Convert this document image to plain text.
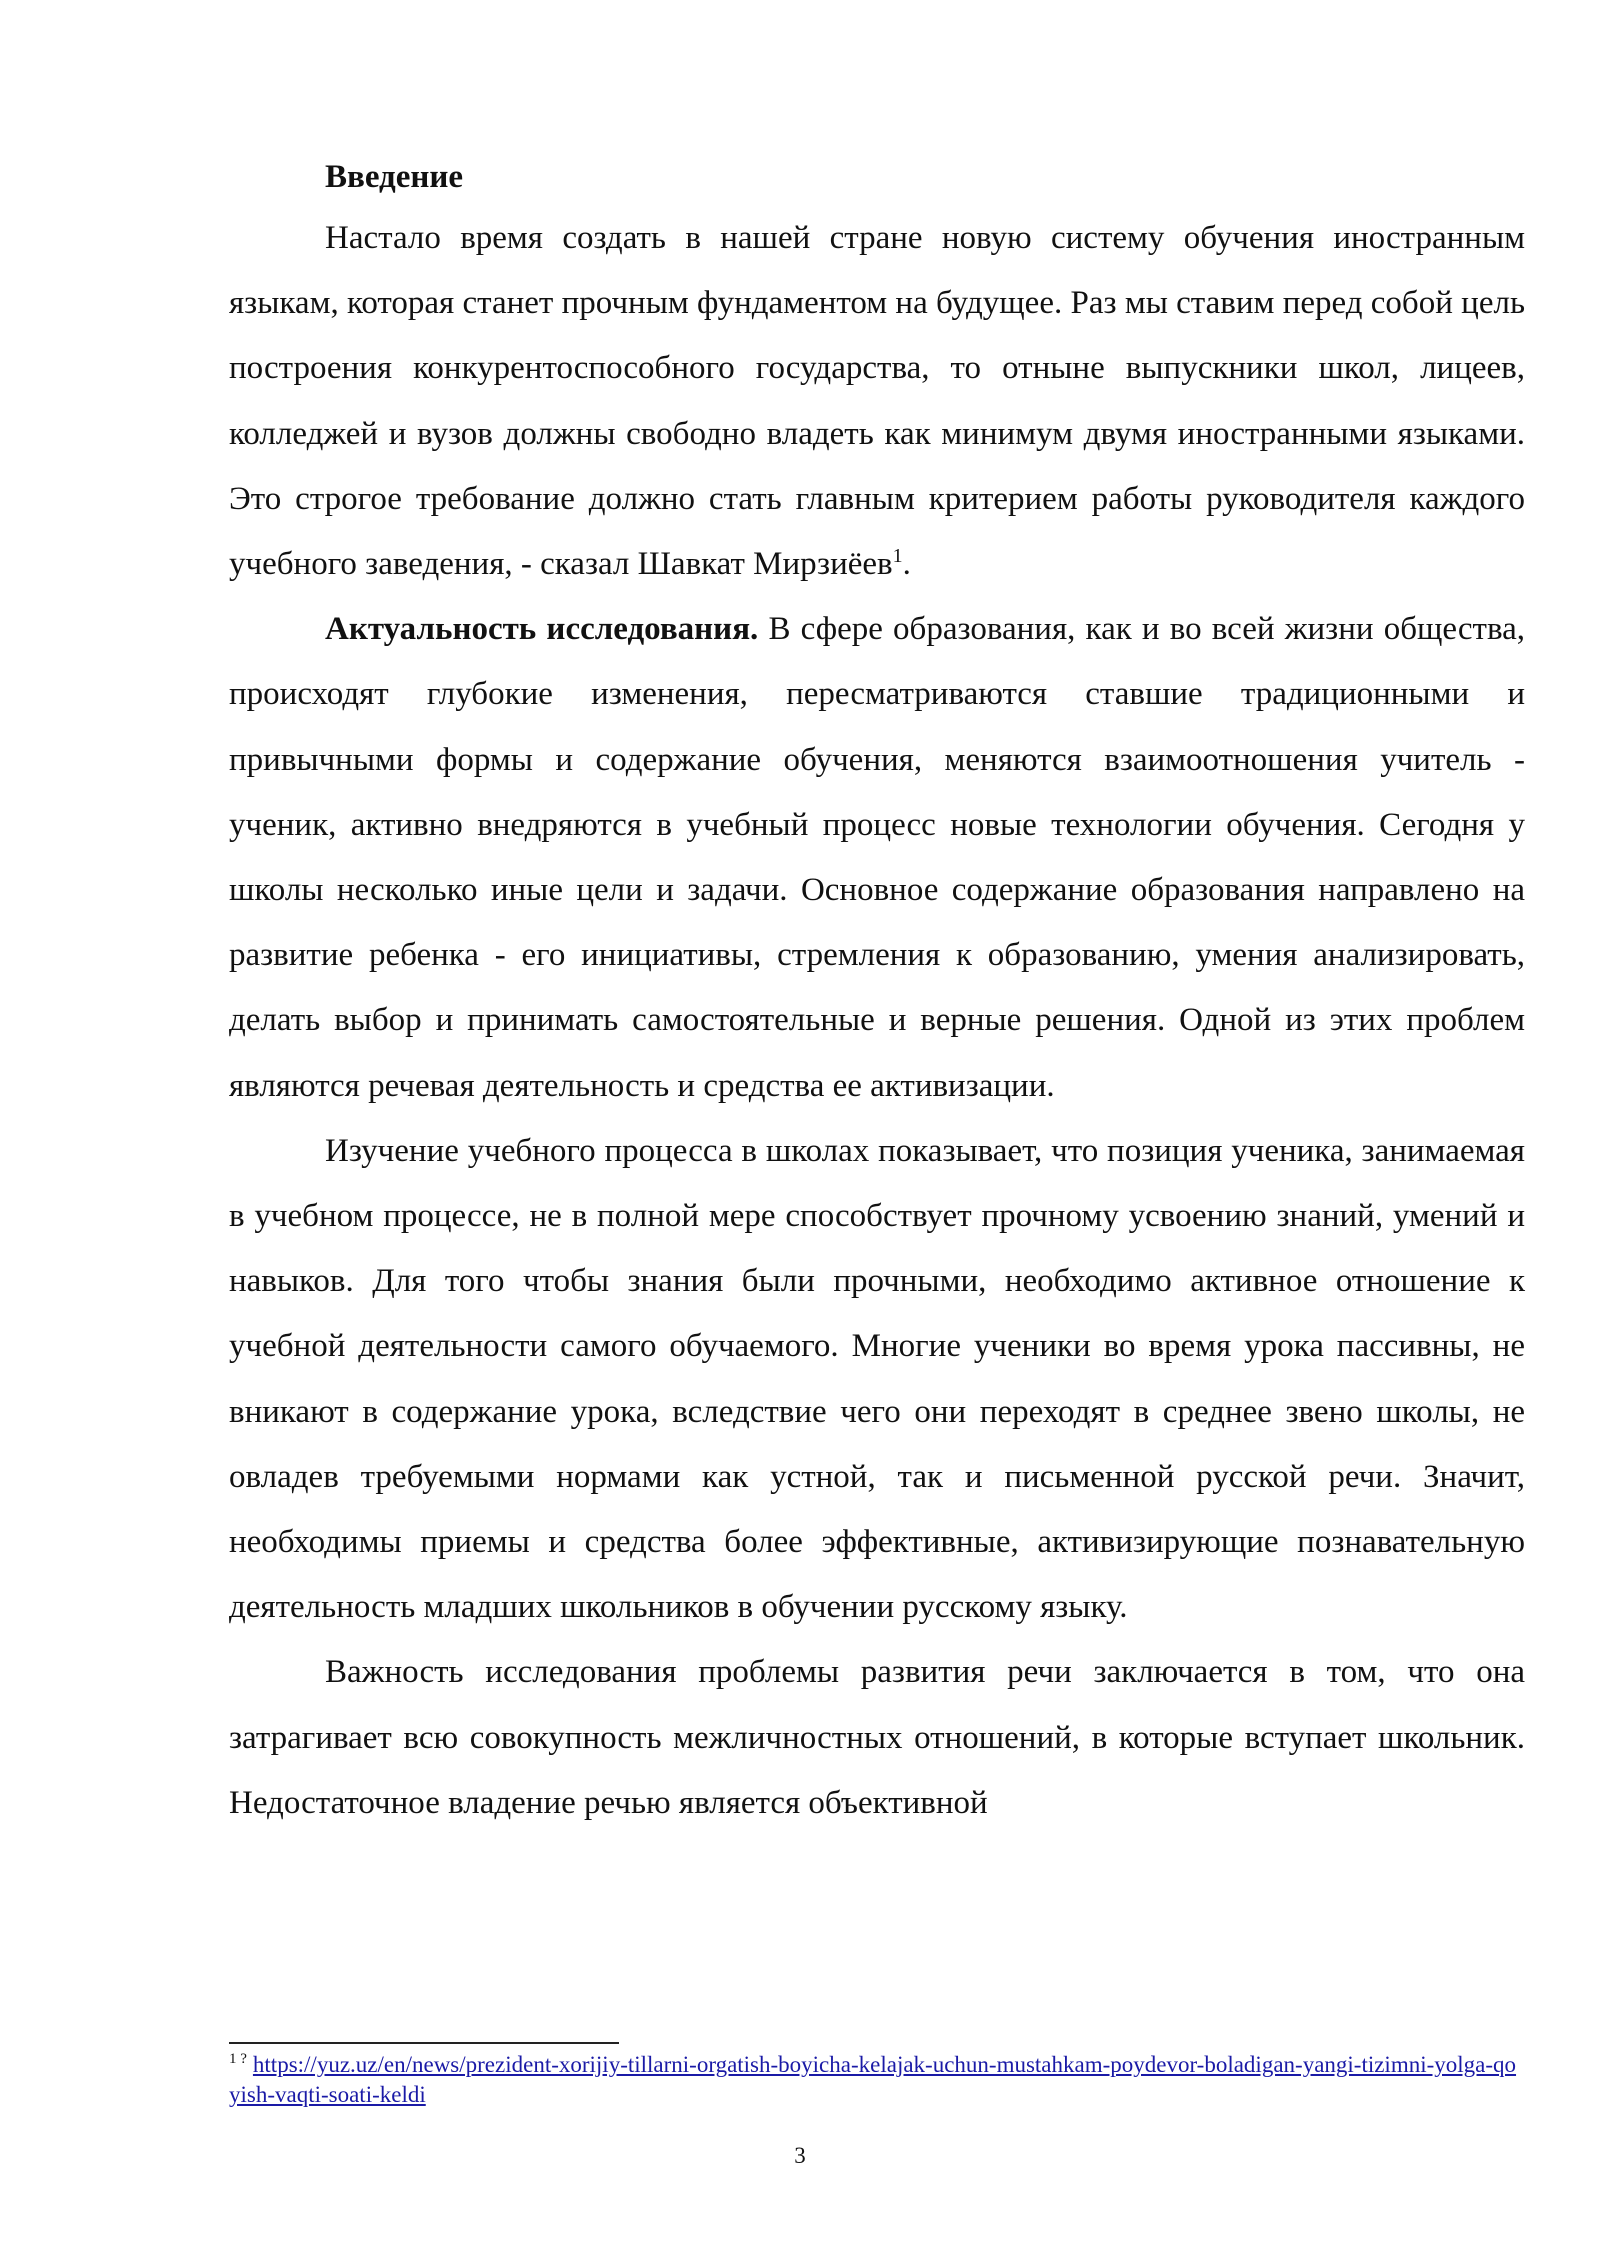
Введение

Настало время создать в нашей стране новую систему обучения иностранным языкам, которая станет прочным фундаментом на будущее. Раз мы ставим перед собой цель построения конкурентоспособного государства, то отныне выпускники школ, лицеев, колледжей и вузов должны свободно владеть как минимум двумя иностранными языками. Это строгое требование должно стать главным критерием работы руководителя каждого учебного заведения, - сказал Шавкат Мирзиёев$^1$.

Актуальность исследования. В сфере образования, как и во всей жизни общества, происходят глубокие изменения, пересматриваются ставшие традиционными и привычными формы и содержание обучения, меняются взаимоотношения учитель - ученик, активно внедряются в учебный процесс новые технологии обучения. Сегодня у школы несколько иные цели и задачи. Основное содержание образования направлено на развитие ребенка - его инициативы, стремления к образованию, умения анализировать, делать выбор и принимать самостоятельные и верные решения. Одной из этих проблем являются речевая деятельность и средства ее активизации.

Изучение учебного процесса в школах показывает, что позиция ученика, занимаемая в учебном процессе, не в полной мере способствует прочному усвоению знаний, умений и навыков. Для того чтобы знания были прочными, необходимо активное отношение к учебной деятельности самого обучаемого. Многие ученики во время урока пассивны, не вникают в содержание урока, вследствие чего они переходят в среднее звено школы, не овладев требуемыми нормами как устной, так и письменной русской речи. Значит, необходимы приемы и средства более эффективные, активизирующие познавательную деятельность младших школьников в обучении русскому языку.

Важность исследования проблемы развития речи заключается в том, что она затрагивает всю совокупность межличностных отношений, в которые вступает школьник. Недостаточное владение речью является объективной

$^{1 ?}$ https://yuz.uz/en/news/prezident-xorijiy-tillarni-orgatish-boyicha-kelajak-uchun-mustahkam-poydevor-boladigan-yangi-tizimni-yolga-qoyish-vaqti-soati-keldi
3
